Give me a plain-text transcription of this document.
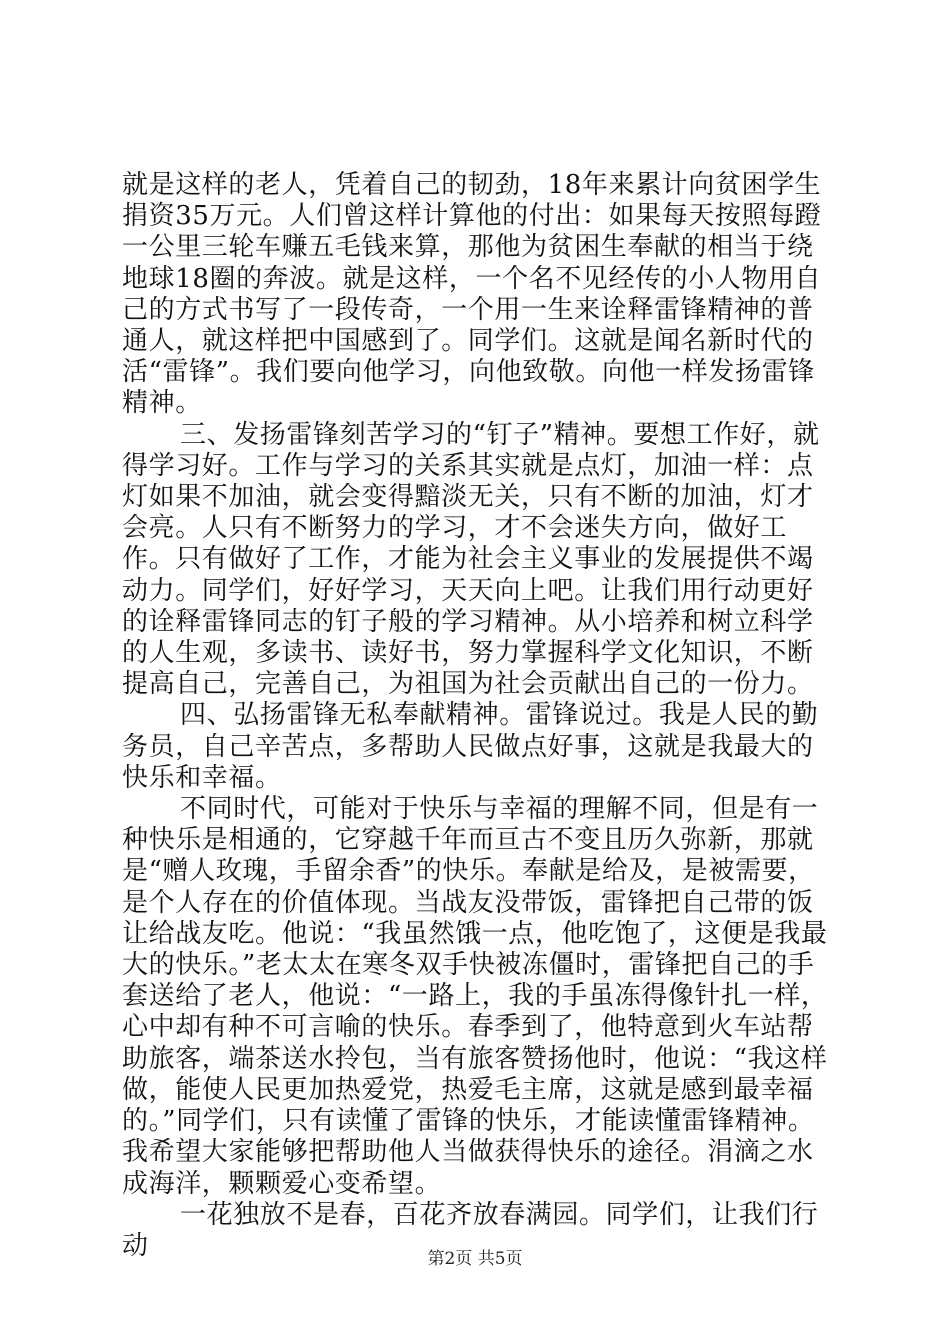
就是这样的老人，凭着自己的韧劲，18年来累计向贫困学生捐资35万元。人们曾这样计算他的付出：如果每天按照每蹬一公里三轮车赚五毛钱来算，那他为贫困生奉献的相当于绕地球18圈的奔波。就是这样，一个名不见经传的小人物用自己的方式书写了一段传奇，一个用一生来诠释雷锋精神的普通人，就这样把中国感到了。同学们。这就是闻名新时代的活“雷锋”。我们要向他学习，向他致敬。向他一样发扬雷锋精神。

三、发扬雷锋刻苦学习的“钉子”精神。要想工作好，就得学习好。工作与学习的关系其实就是点灯，加油一样：点灯如果不加油，就会变得黯淡无关，只有不断的加油，灯才会亮。人只有不断努力的学习，才不会迷失方向，做好工作。只有做好了工作，才能为社会主义事业的发展提供不竭动力。同学们，好好学习，天天向上吧。让我们用行动更好的诠释雷锋同志的钉子般的学习精神。从小培养和树立科学的人生观，多读书、读好书，努力掌握科学文化知识，不断提高自己，完善自己，为祖国为社会贡献出自己的一份力。

四、弘扬雷锋无私奉献精神。雷锋说过。我是人民的勤务员，自己辛苦点，多帮助人民做点好事，这就是我最大的快乐和幸福。

不同时代，可能对于快乐与幸福的理解不同，但是有一种快乐是相通的，它穿越千年而亘古不变且历久弥新，那就是“赠人玫瑰，手留余香”的快乐。奉献是给及，是被需要，是个人存在的价值体现。当战友没带饭，雷锋把自己带的饭让给战友吃。他说：“我虽然饿一点，他吃饱了，这便是我最大的快乐。”老太太在寒冬双手快被冻僵时，雷锋把自己的手套送给了老人，他说：“一路上，我的手虽冻得像针扎一样，心中却有种不可言喻的快乐。春季到了，他特意到火车站帮助旅客，端茶送水拎包，当有旅客赞扬他时，他说：“我这样做，能使人民更加热爱党，热爱毛主席，这就是感到最幸福的。”同学们，只有读懂了雷锋的快乐，才能读懂雷锋精神。我希望大家能够把帮助他人当做获得快乐的途径。涓滴之水成海洋，颗颗爱心变希望。

一花独放不是春，百花齐放春满园。同学们，让我们行动	第2页 共5页
